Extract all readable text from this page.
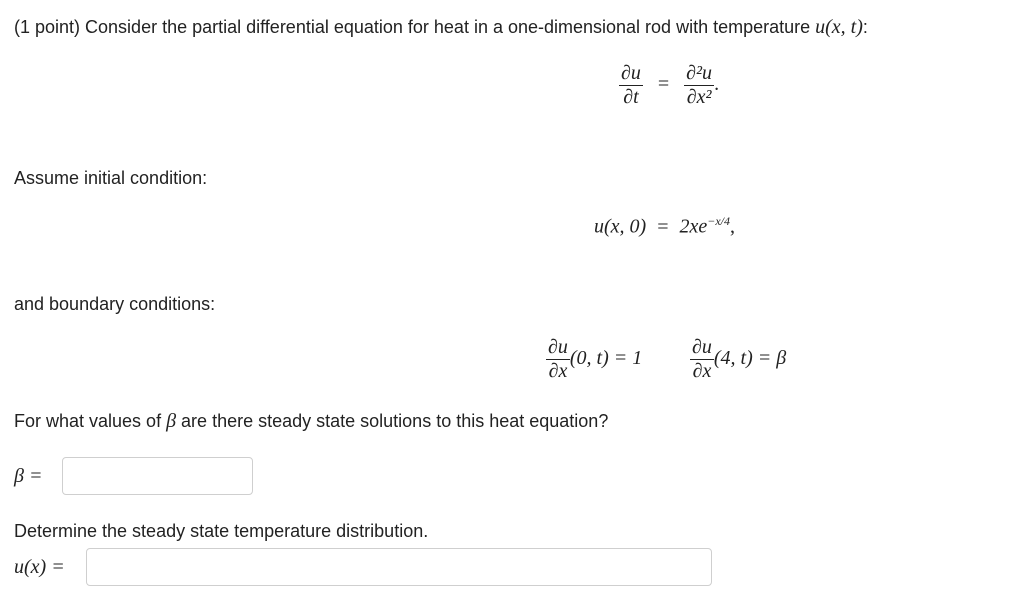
(1 point) Consider the partial differential equation for heat in a one-dimensional rod with temperature u(x, t):
$\frac{\partial u}{\partial t} = \frac{\text{∂²u}}{\text{∂x²}}$ .
Assume initial condition:
u(x, $0) = 2xe^{-x/4}$,
and boundary conditions:
$\frac{\partial u}{\partial x} (0$, $t) = 1 \frac{\partial u}{\partial x} (4$, t) = β
For what values of β are there steady state solutions to this heat equation?
β =
Determine the steady state temperature distribution.
u(x) =
